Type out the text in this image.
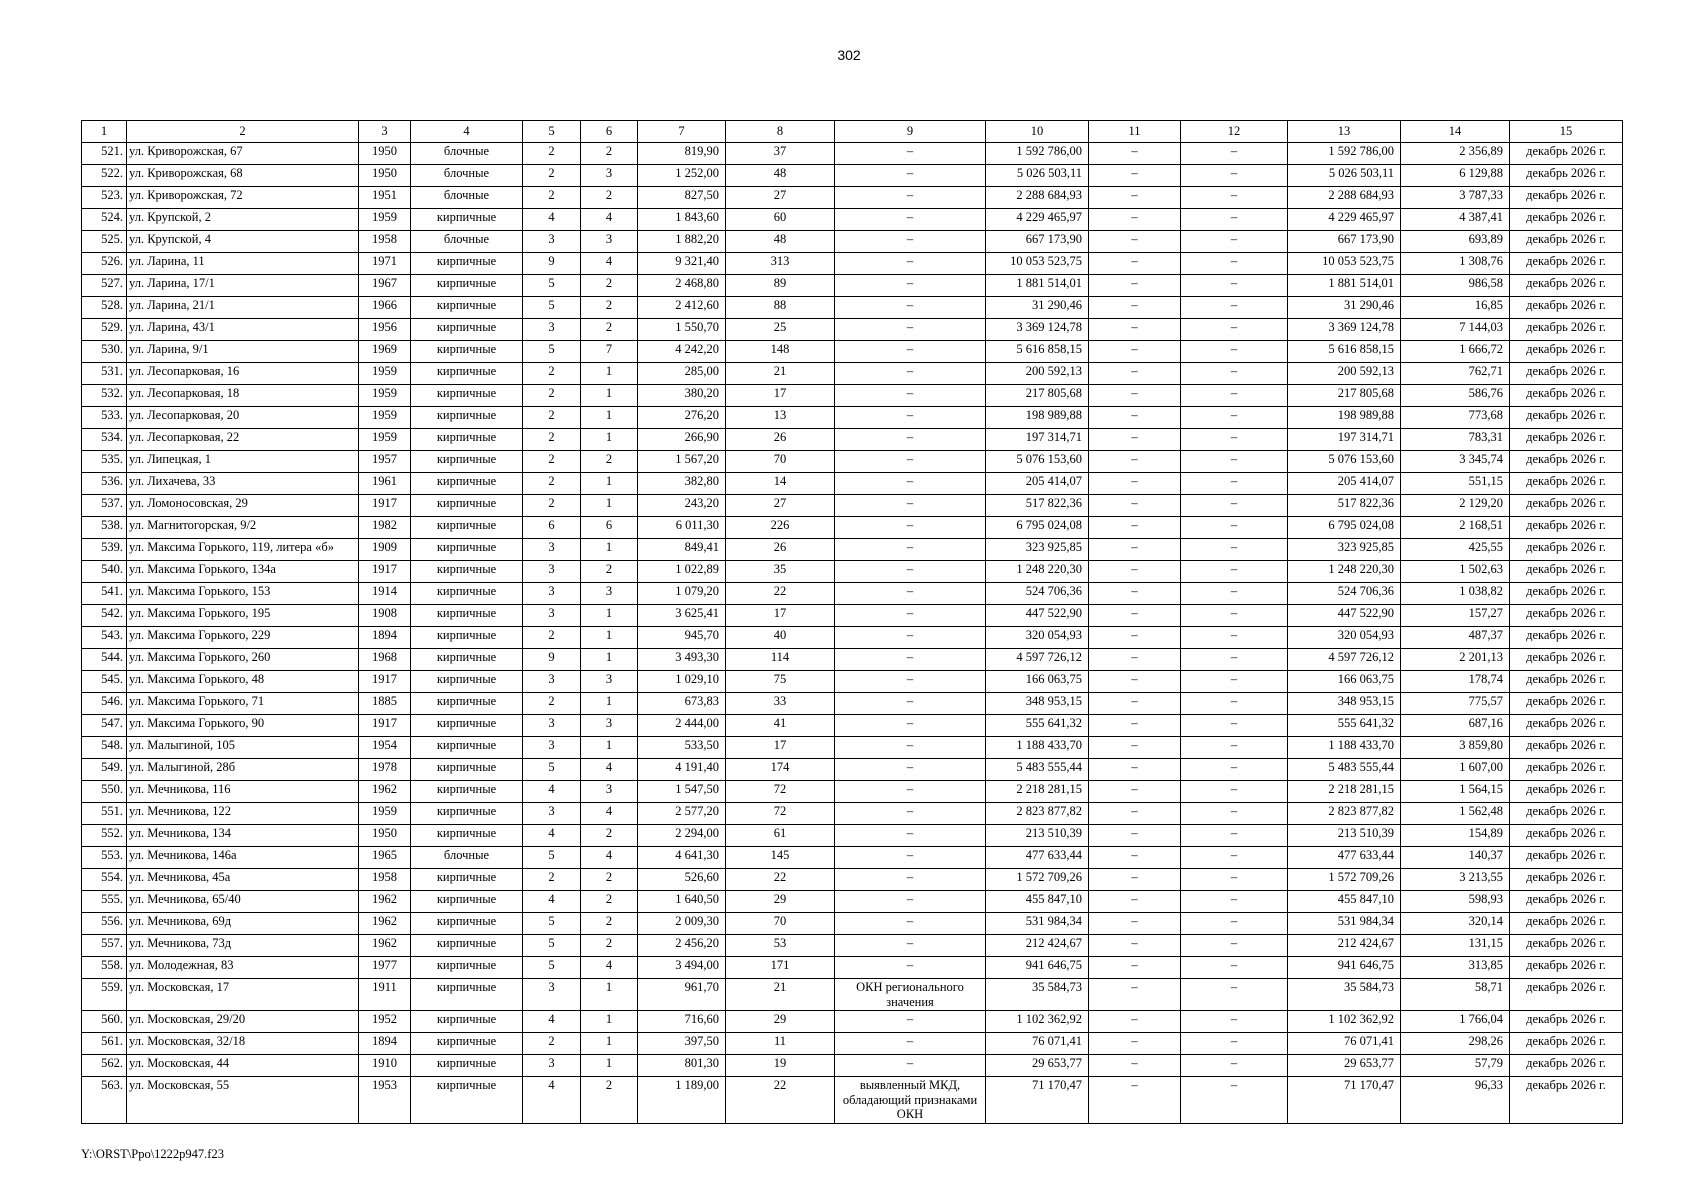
302
1	2	3	4	5	6	7	8	9	10	11	12	13	14	15
521.	ул. Криворожская, 67	1950	блочные	2	2	819,90	37	–	1 592 786,00	–	–	1 592 786,00	2 356,89	декабрь 2026 г.
522.	ул. Криворожская, 68	1950	блочные	2	3	1 252,00	48	–	5 026 503,11	–	–	5 026 503,11	6 129,88	декабрь 2026 г.
523.	ул. Криворожская, 72	1951	блочные	2	2	827,50	27	–	2 288 684,93	–	–	2 288 684,93	3 787,33	декабрь 2026 г.
524.	ул. Крупской, 2	1959	кирпичные	4	4	1 843,60	60	–	4 229 465,97	–	–	4 229 465,97	4 387,41	декабрь 2026 г.
525.	ул. Крупской, 4	1958	блочные	3	3	1 882,20	48	–	667 173,90	–	–	667 173,90	693,89	декабрь 2026 г.
526.	ул. Ларина, 11	1971	кирпичные	9	4	9 321,40	313	–	10 053 523,75	–	–	10 053 523,75	1 308,76	декабрь 2026 г.
527.	ул. Ларина, 17/1	1967	кирпичные	5	2	2 468,80	89	–	1 881 514,01	–	–	1 881 514,01	986,58	декабрь 2026 г.
528.	ул. Ларина, 21/1	1966	кирпичные	5	2	2 412,60	88	–	31 290,46	–	–	31 290,46	16,85	декабрь 2026 г.
529.	ул. Ларина, 43/1	1956	кирпичные	3	2	1 550,70	25	–	3 369 124,78	–	–	3 369 124,78	7 144,03	декабрь 2026 г.
530.	ул. Ларина, 9/1	1969	кирпичные	5	7	4 242,20	148	–	5 616 858,15	–	–	5 616 858,15	1 666,72	декабрь 2026 г.
531.	ул. Лесопарковая, 16	1959	кирпичные	2	1	285,00	21	–	200 592,13	–	–	200 592,13	762,71	декабрь 2026 г.
532.	ул. Лесопарковая, 18	1959	кирпичные	2	1	380,20	17	–	217 805,68	–	–	217 805,68	586,76	декабрь 2026 г.
533.	ул. Лесопарковая, 20	1959	кирпичные	2	1	276,20	13	–	198 989,88	–	–	198 989,88	773,68	декабрь 2026 г.
534.	ул. Лесопарковая, 22	1959	кирпичные	2	1	266,90	26	–	197 314,71	–	–	197 314,71	783,31	декабрь 2026 г.
535.	ул. Липецкая, 1	1957	кирпичные	2	2	1 567,20	70	–	5 076 153,60	–	–	5 076 153,60	3 345,74	декабрь 2026 г.
536.	ул. Лихачева, 33	1961	кирпичные	2	1	382,80	14	–	205 414,07	–	–	205 414,07	551,15	декабрь 2026 г.
537.	ул. Ломоносовская, 29	1917	кирпичные	2	1	243,20	27	–	517 822,36	–	–	517 822,36	2 129,20	декабрь 2026 г.
538.	ул. Магнитогорская, 9/2	1982	кирпичные	6	6	6 011,30	226	–	6 795 024,08	–	–	6 795 024,08	2 168,51	декабрь 2026 г.
539.	ул. Максима Горького, 119, литера «б»	1909	кирпичные	3	1	849,41	26	–	323 925,85	–	–	323 925,85	425,55	декабрь 2026 г.
540.	ул. Максима Горького, 134а	1917	кирпичные	3	2	1 022,89	35	–	1 248 220,30	–	–	1 248 220,30	1 502,63	декабрь 2026 г.
541.	ул. Максима Горького, 153	1914	кирпичные	3	3	1 079,20	22	–	524 706,36	–	–	524 706,36	1 038,82	декабрь 2026 г.
542.	ул. Максима Горького, 195	1908	кирпичные	3	1	3 625,41	17	–	447 522,90	–	–	447 522,90	157,27	декабрь 2026 г.
543.	ул. Максима Горького, 229	1894	кирпичные	2	1	945,70	40	–	320 054,93	–	–	320 054,93	487,37	декабрь 2026 г.
544.	ул. Максима Горького, 260	1968	кирпичные	9	1	3 493,30	114	–	4 597 726,12	–	–	4 597 726,12	2 201,13	декабрь 2026 г.
545.	ул. Максима Горького, 48	1917	кирпичные	3	3	1 029,10	75	–	166 063,75	–	–	166 063,75	178,74	декабрь 2026 г.
546.	ул. Максима Горького, 71	1885	кирпичные	2	1	673,83	33	–	348 953,15	–	–	348 953,15	775,57	декабрь 2026 г.
547.	ул. Максима Горького, 90	1917	кирпичные	3	3	2 444,00	41	–	555 641,32	–	–	555 641,32	687,16	декабрь 2026 г.
548.	ул. Малыгиной, 105	1954	кирпичные	3	1	533,50	17	–	1 188 433,70	–	–	1 188 433,70	3 859,80	декабрь 2026 г.
549.	ул. Малыгиной, 28б	1978	кирпичные	5	4	4 191,40	174	–	5 483 555,44	–	–	5 483 555,44	1 607,00	декабрь 2026 г.
550.	ул. Мечникова, 116	1962	кирпичные	4	3	1 547,50	72	–	2 218 281,15	–	–	2 218 281,15	1 564,15	декабрь 2026 г.
551.	ул. Мечникова, 122	1959	кирпичные	3	4	2 577,20	72	–	2 823 877,82	–	–	2 823 877,82	1 562,48	декабрь 2026 г.
552.	ул. Мечникова, 134	1950	кирпичные	4	2	2 294,00	61	–	213 510,39	–	–	213 510,39	154,89	декабрь 2026 г.
553.	ул. Мечникова, 146а	1965	блочные	5	4	4 641,30	145	–	477 633,44	–	–	477 633,44	140,37	декабрь 2026 г.
554.	ул. Мечникова, 45а	1958	кирпичные	2	2	526,60	22	–	1 572 709,26	–	–	1 572 709,26	3 213,55	декабрь 2026 г.
555.	ул. Мечникова, 65/40	1962	кирпичные	4	2	1 640,50	29	–	455 847,10	–	–	455 847,10	598,93	декабрь 2026 г.
556.	ул. Мечникова, 69д	1962	кирпичные	5	2	2 009,30	70	–	531 984,34	–	–	531 984,34	320,14	декабрь 2026 г.
557.	ул. Мечникова, 73д	1962	кирпичные	5	2	2 456,20	53	–	212 424,67	–	–	212 424,67	131,15	декабрь 2026 г.
558.	ул. Молодежная, 83	1977	кирпичные	5	4	3 494,00	171	–	941 646,75	–	–	941 646,75	313,85	декабрь 2026 г.
559.	ул. Московская, 17	1911	кирпичные	3	1	961,70	21	ОКН регионального значения	35 584,73	–	–	35 584,73	58,71	декабрь 2026 г.
560.	ул. Московская, 29/20	1952	кирпичные	4	1	716,60	29	–	1 102 362,92	–	–	1 102 362,92	1 766,04	декабрь 2026 г.
561.	ул. Московская, 32/18	1894	кирпичные	2	1	397,50	11	–	76 071,41	–	–	76 071,41	298,26	декабрь 2026 г.
562.	ул. Московская, 44	1910	кирпичные	3	1	801,30	19	–	29 653,77	–	–	29 653,77	57,79	декабрь 2026 г.
563.	ул. Московская, 55	1953	кирпичные	4	2	1 189,00	22	выявленный МКД, обладающий признаками ОКН	71 170,47	–	–	71 170,47	96,33	декабрь 2026 г.
Y:\ORST\Ppo\1222p947.f23
